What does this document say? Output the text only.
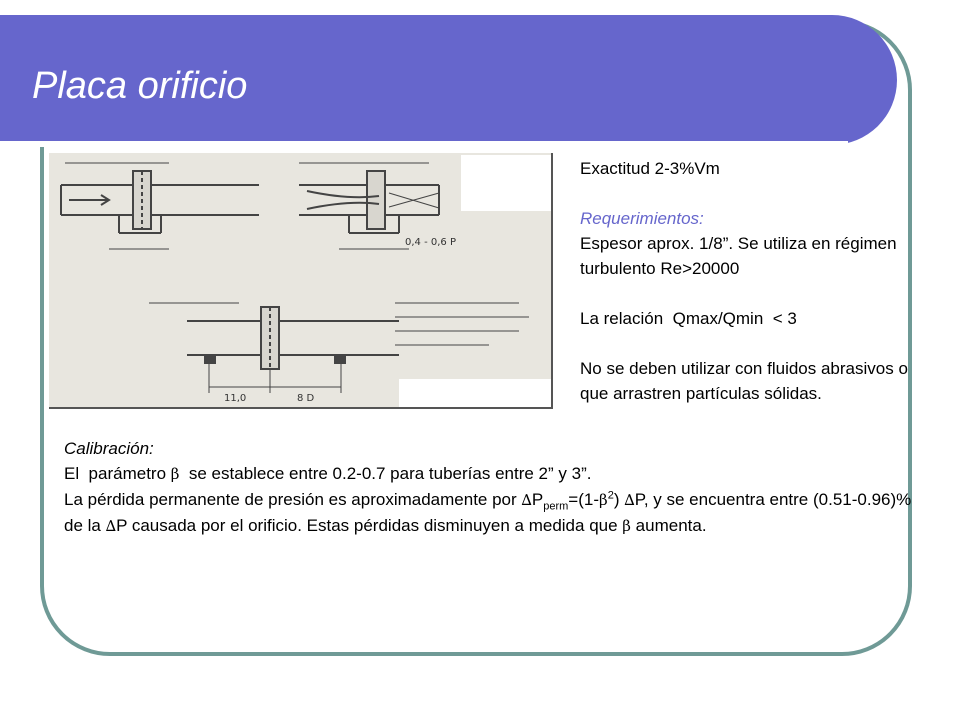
Placa orificio
11,0	8 D
0,4 - 0,6 P

Exactitud 2-3%Vm

Requerimientos:

Espesor aprox. 1/8”. Se utiliza en régimen turbulento Re>20000

La relación  Qmax/Qmin  < 3

No se deben utilizar con fluidos abrasivos o que arrastren partículas sólidas.

Calibración:

El  parámetro β  se establece entre 0.2-0.7 para tuberías entre 2” y 3”.

La pérdida permanente de presión es aproximadamente por $\Delta P_{perm}=(1-\beta^2)$ ∆P, y se encuentra entre (0.51-0.96)% de la ∆P causada por el orificio. Estas pérdidas disminuyen a medida que β aumenta.
